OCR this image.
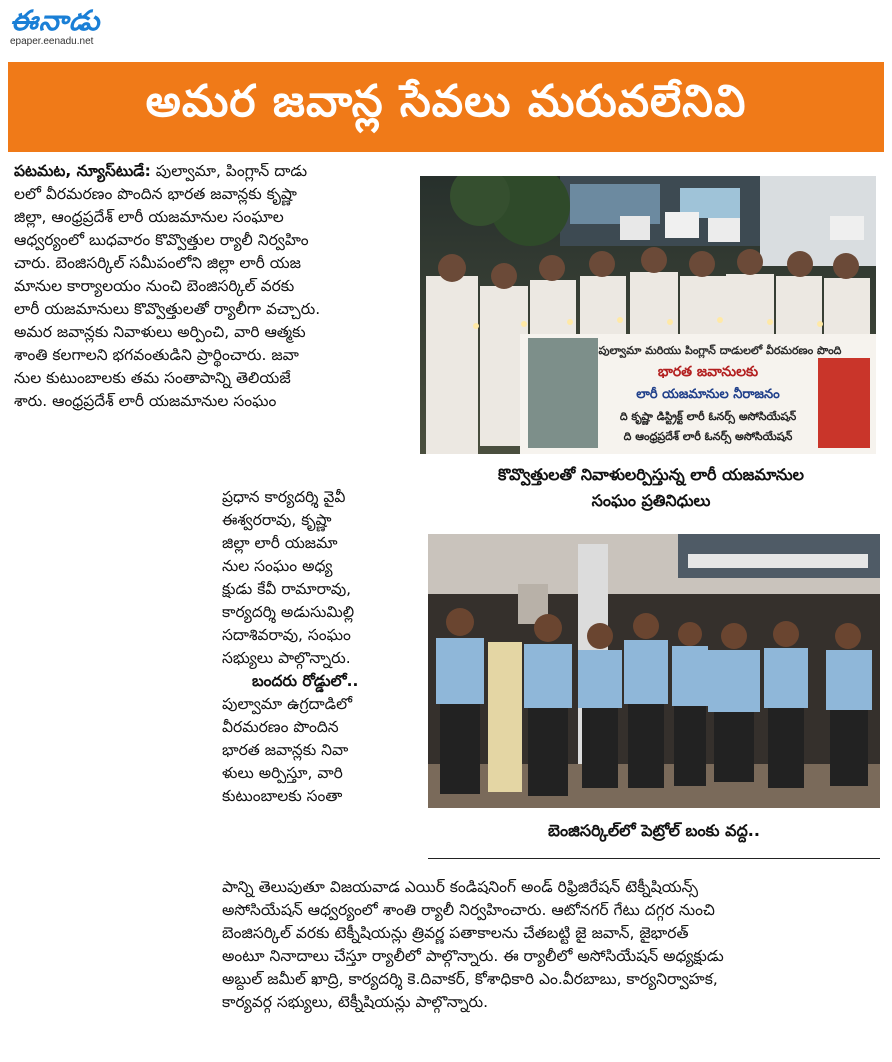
ఈనాడు
epaper.eenadu.net
అమర జవాన్ల సేవలు మరువలేనివి
పటమట, న్యూస్‌టుడే: పుల్వామా, పింగ్లాన్ దాడు
లలో వీరమరణం పొందిన భారత జవాన్లకు కృష్ణా
జిల్లా, ఆంధ్రప్రదేశ్ లారీ యజమానుల సంఘాల
ఆధ్వర్యంలో బుధవారం కొవ్వొత్తుల ర్యాలీ నిర్వహిం
చారు. బెంజిసర్కిల్ సమీపంలోని జిల్లా లారీ యజ
మానుల కార్యాలయం నుంచి బెంజిసర్కిల్ వరకు
లారీ యజమానులు కొవ్వొత్తులతో ర్యాలీగా వచ్చారు.
అమర జవాన్లకు నివాళులు అర్పించి, వారి ఆత్మకు
శాంతి కలగాలని భగవంతుడిని ప్రార్థించారు. జవా
నుల కుటుంబాలకు తమ సంతాపాన్ని తెలియజే
శారు. ఆంధ్రప్రదేశ్ లారీ యజమానుల సంఘం
పుల్వామా మరియు పింగ్లాన్ దాడులలో వీరమరణం పొంది
భారత జవానులకు
లారీ యజమానుల నీరాజనం
ది కృష్ణా డిస్ట్రిక్ట్ లారీ ఓనర్స్ అసోసియేషన్
ది ఆంధ్రప్రదేశ్ లారీ ఓనర్స్ అసోసియేషన్
కొవ్వొత్తులతో నివాళులర్పిస్తున్న లారీ యజమానుల
సంఘం ప్రతినిధులు
ప్రధాన కార్యదర్శి వైవీ
ఈశ్వరరావు, కృష్ణా
జిల్లా లారీ యజమా
నుల సంఘం అధ్య
క్షుడు కేవీ రామారావు,
కార్యదర్శి అడుసుమిల్లి
సదాశివరావు, సంఘం
సభ్యులు పాల్గొన్నారు.
బందరు రోడ్డులో..
పుల్వామా ఉగ్రదాడిలో
వీరమరణం పొందిన
భారత జవాన్లకు నివా
ళులు అర్పిస్తూ, వారి
కుటుంబాలకు సంతా
బెంజిసర్కిల్‌లో పెట్రోల్ బంకు వద్ద..
పాన్ని తెలుపుతూ విజయవాడ ఎయిర్ కండిషనింగ్ అండ్ రిఫ్రిజిరేషన్ టెక్నీషియన్స్
అసోసియేషన్ ఆధ్వర్యంలో శాంతి ర్యాలీ నిర్వహించారు. ఆటోనగర్ గేటు దగ్గర నుంచి
బెంజిసర్కిల్ వరకు టెక్నీషియన్లు త్రివర్ణ పతాకాలను చేతబట్టి జై జవాన్, జైభారత్
అంటూ నినాదాలు చేస్తూ ర్యాలీలో పాల్గొన్నారు. ఈ ర్యాలీలో అసోసియేషన్ అధ్యక్షుడు
అబ్దుల్ జమీల్ ఖాద్రి, కార్యదర్శి కె.దివాకర్, కోశాధికారి ఎం.వీరబాబు, కార్యనిర్వాహక,
కార్యవర్గ సభ్యులు, టెక్నీషియన్లు పాల్గొన్నారు.
